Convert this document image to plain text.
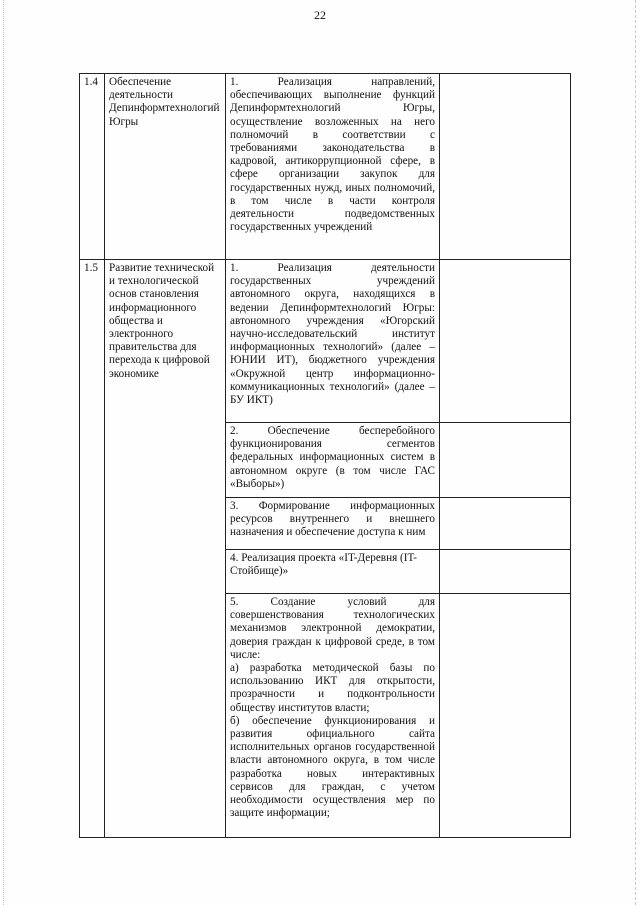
22
1.4	Обеспечение деятельности Депинформтехнологий Югры	1. Реализация направлений, обеспечивающих выполнение функций Депинформтехнологий Югры, осуществление возложенных на него полномочий в соответствии с требованиями законодательства в кадровой, антикоррупционной сфере, в сфере организации закупок для государственных нужд, иных полномочий, в том числе в части контроля деятельности подведомственных государственных учреждений	
1.5	Развитие технической и технологической основ становления информационного общества и электронного правительства для перехода к цифровой экономике	1. Реализация деятельности государственных учреждений автономного округа, находящихся в ведении Депинформтехнологий Югры: автономного учреждения «Югорский научно-исследовательский институт информационных технологий» (далее – ЮНИИ ИТ), бюджетного учреждения «Окружной центр информационно-коммуникационных технологий» (далее – БУ ИКТ)	
		2. Обеспечение бесперебойного функционирования сегментов федеральных информационных систем в автономном округе (в том числе ГАС «Выборы»)	
		3. Формирование информационных ресурсов внутреннего и внешнего назначения и обеспечение доступа к ним	
		4. Реализация проекта «IT-Деревня (IT-Стойбище)»	

		5. Создание условий для совершенствования технологических механизмов электронной демократии, доверия граждан к цифровой среде, в том числе:
а) разработка методической базы по использованию ИКТ для открытости, прозрачности и подконтрольности обществу институтов власти;
б) обеспечение функционирования и развития официального сайта исполнительных органов государственной власти автономного округа, в том числе разработка новых интерактивных сервисов для граждан, с учетом необходимости осуществления мер по защите информации;	
